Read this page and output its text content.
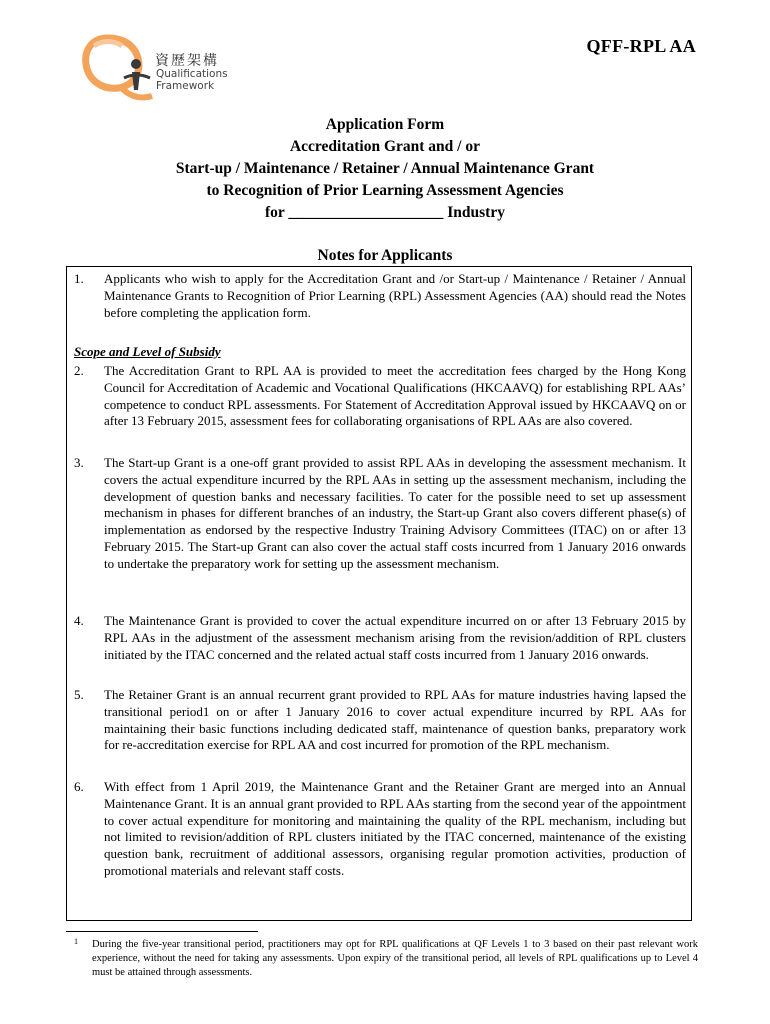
資歷架構
Qualifications
Framework
QFF-RPL AA
Application Form
Accreditation Grant and / or
Start-up / Maintenance / Retainer / Annual Maintenance Grant
to Recognition of Prior Learning Assessment Agencies
for ____________________ Industry
Notes for Applicants
1. Applicants who wish to apply for the Accreditation Grant and /or Start-up / Maintenance / Retainer / Annual Maintenance Grants to Recognition of Prior Learning (RPL) Assessment Agencies (AA) should read the Notes before completing the application form.
Scope and Level of Subsidy
2. The Accreditation Grant to RPL AA is provided to meet the accreditation fees charged by the Hong Kong Council for Accreditation of Academic and Vocational Qualifications (HKCAAVQ) for establishing RPL AAs’ competence to conduct RPL assessments. For Statement of Accreditation Approval issued by HKCAAVQ on or after 13 February 2015, assessment fees for collaborating organisations of RPL AAs are also covered.
3. The Start-up Grant is a one-off grant provided to assist RPL AAs in developing the assessment mechanism. It covers the actual expenditure incurred by the RPL AAs in setting up the assessment mechanism, including the development of question banks and necessary facilities. To cater for the possible need to set up assessment mechanism in phases for different branches of an industry, the Start-up Grant also covers different phase(s) of implementation as endorsed by the respective Industry Training Advisory Committees (ITAC) on or after 13 February 2015. The Start-up Grant can also cover the actual staff costs incurred from 1 January 2016 onwards to undertake the preparatory work for setting up the assessment mechanism.
4. The Maintenance Grant is provided to cover the actual expenditure incurred on or after 13 February 2015 by RPL AAs in the adjustment of the assessment mechanism arising from the revision/addition of RPL clusters initiated by the ITAC concerned and the related actual staff costs incurred from 1 January 2016 onwards.
5. The Retainer Grant is an annual recurrent grant provided to RPL AAs for mature industries having lapsed the transitional period1 on or after 1 January 2016 to cover actual expenditure incurred by RPL AAs for maintaining their basic functions including dedicated staff, maintenance of question banks, preparatory work for re-accreditation exercise for RPL AA and cost incurred for promotion of the RPL mechanism.
6. With effect from 1 April 2019, the Maintenance Grant and the Retainer Grant are merged into an Annual Maintenance Grant. It is an annual grant provided to RPL AAs starting from the second year of the appointment to cover actual expenditure for monitoring and maintaining the quality of the RPL mechanism, including but not limited to revision/addition of RPL clusters initiated by the ITAC concerned, maintenance of the existing question bank, recruitment of additional assessors, organising regular promotion activities, production of promotional materials and relevant staff costs.
1 During the five-year transitional period, practitioners may opt for RPL qualifications at QF Levels 1 to 3 based on their past relevant work experience, without the need for taking any assessments. Upon expiry of the transitional period, all levels of RPL qualifications up to Level 4 must be attained through assessments.
